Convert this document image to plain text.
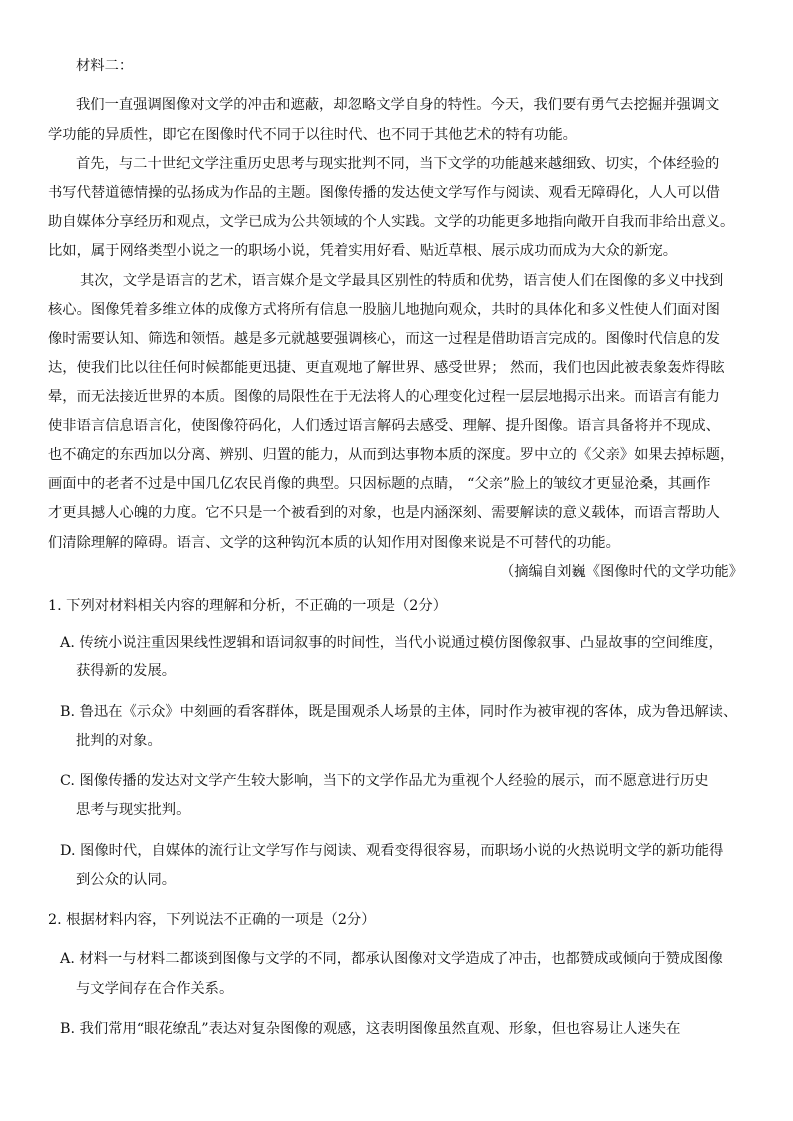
材料二：
我们一直强调图像对文学的冲击和遮蔽，却忽略文学自身的特性。今天，我们要有勇气去挖掘并强调文
学功能的异质性，即它在图像时代不同于以往时代、也不同于其他艺术的特有功能。
首先，与二十世纪文学注重历史思考与现实批判不同，当下文学的功能越来越细致、切实，个体经验的
书写代替道德情操的弘扬成为作品的主题。图像传播的发达使文学写作与阅读、观看无障碍化，人人可以借
助自媒体分享经历和观点，文学已成为公共领域的个人实践。文学的功能更多地指向敞开自我而非给出意义。
比如，属于网络类型小说之一的职场小说，凭着实用好看、贴近草根、展示成功而成为大众的新宠。
其次，文学是语言的艺术，语言媒介是文学最具区别性的特质和优势，语言使人们在图像的多义中找到
核心。图像凭着多维立体的成像方式将所有信息一股脑儿地抛向观众，共时的具体化和多义性使人们面对图
像时需要认知、筛选和领悟。越是多元就越要强调核心，而这一过程是借助语言完成的。图像时代信息的发
达，使我们比以往任何时候都能更迅捷、更直观地了解世界、感受世界； 然而，我们也因此被表象轰炸得眩
晕，而无法接近世界的本质。图像的局限性在于无法将人的心理变化过程一层层地揭示出来。而语言有能力
使非语言信息语言化，使图像符码化，人们透过语言解码去感受、理解、提升图像。语言具备将并不现成、
也不确定的东西加以分离、辨别、归置的能力，从而到达事物本质的深度。罗中立的《父亲》如果去掉标题，
画面中的老者不过是中国几亿农民肖像的典型。只因标题的点睛， “父亲”脸上的皱纹才更显沧桑，其画作
才更具撼人心魄的力度。它不只是一个被看到的对象，也是内涵深刻、需要解读的意义载体，而语言帮助人
们清除理解的障碍。语言、文学的这种钩沉本质的认知作用对图像来说是不可替代的功能。
（摘编自刘巍《图像时代的文学功能》
1. 下列对材料相关内容的理解和分析，不正确的一项是（2分）
A. 传统小说注重因果线性逻辑和语词叙事的时间性，当代小说通过模仿图像叙事、凸显故事的空间维度，
获得新的发展。
B. 鲁迅在《示众》中刻画的看客群体，既是围观杀人场景的主体，同时作为被审视的客体，成为鲁迅解读、
批判的对象。
C. 图像传播的发达对文学产生较大影响，当下的文学作品尤为重视个人经验的展示，而不愿意进行历史
思考与现实批判。
D. 图像时代，自媒体的流行让文学写作与阅读、观看变得很容易，而职场小说的火热说明文学的新功能得
到公众的认同。
2. 根据材料内容，下列说法不正确的一项是（2分）
A. 材料一与材料二都谈到图像与文学的不同，都承认图像对文学造成了冲击，也都赞成或倾向于赞成图像
与文学间存在合作关系。
B. 我们常用“眼花缭乱”表达对复杂图像的观感，这表明图像虽然直观、形象，但也容易让人迷失在
